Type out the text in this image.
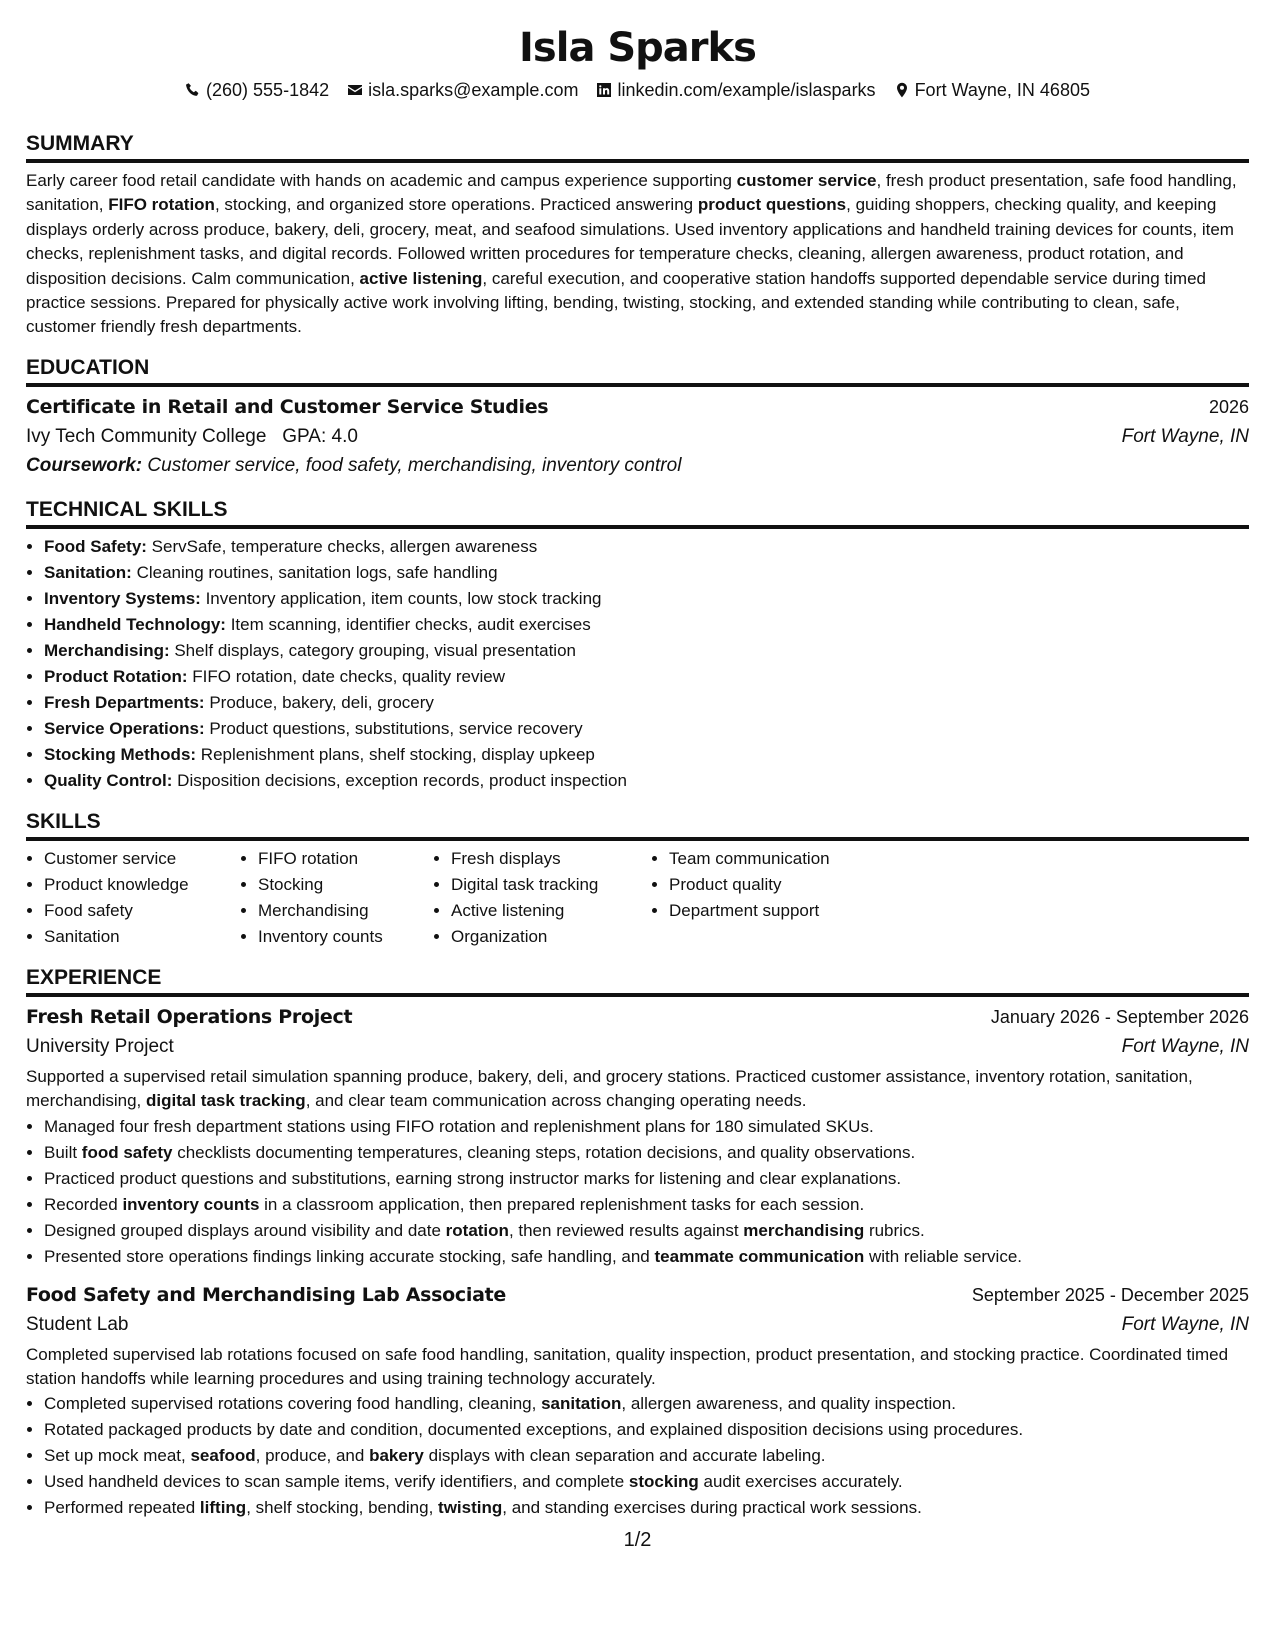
Isla Sparks
(260) 555-1842 isla.sparks@example.com linkedin.com/example/islasparks Fort Wayne, IN 46805
SUMMARY

Early career food retail candidate with hands on academic and campus experience supporting customer service, fresh product presentation, safe food handling, sanitation, FIFO rotation, stocking, and organized store operations. Practiced answering product questions, guiding shoppers, checking quality, and keeping displays orderly across produce, bakery, deli, grocery, meat, and seafood simulations. Used inventory applications and handheld training devices for counts, item checks, replenishment tasks, and digital records. Followed written procedures for temperature checks, cleaning, allergen awareness, product rotation, and disposition decisions. Calm communication, active listening, careful execution, and cooperative station handoffs supported dependable service during timed practice sessions. Prepared for physically active work involving lifting, bending, twisting, stocking, and extended standing while contributing to clean, safe, customer friendly fresh departments.

EDUCATION
Certificate in Retail and Customer Service Studies	2026
Ivy Tech Community College GPA: 4.0	Fort Wayne, IN
Coursework: Customer service, food safety, merchandising, inventory control
TECHNICAL SKILLS
• Food Safety: ServSafe, temperature checks, allergen awareness
• Sanitation: Cleaning routines, sanitation logs, safe handling
• Inventory Systems: Inventory application, item counts, low stock tracking
• Handheld Technology: Item scanning, identifier checks, audit exercises
• Merchandising: Shelf displays, category grouping, visual presentation
• Product Rotation: FIFO rotation, date checks, quality review
• Fresh Departments: Produce, bakery, deli, grocery
• Service Operations: Product questions, substitutions, service recovery
• Stocking Methods: Replenishment plans, shelf stocking, display upkeep
• Quality Control: Disposition decisions, exception records, product inspection
SKILLS
• Customer service
• Product knowledge
• Food safety
• Sanitation
• FIFO rotation
• Stocking
• Merchandising
• Inventory counts
• Fresh displays
• Digital task tracking
• Active listening
• Organization
• Team communication
• Product quality
• Department support
EXPERIENCE
Fresh Retail Operations Project	January 2026 - September 2026
University Project	Fort Wayne, IN

Supported a supervised retail simulation spanning produce, bakery, deli, and grocery stations. Practiced customer assistance, inventory rotation, sanitation, merchandising, digital task tracking, and clear team communication across changing operating needs.

• Managed four fresh department stations using FIFO rotation and replenishment plans for 180 simulated SKUs.
• Built food safety checklists documenting temperatures, cleaning steps, rotation decisions, and quality observations.
• Practiced product questions and substitutions, earning strong instructor marks for listening and clear explanations.
• Recorded inventory counts in a classroom application, then prepared replenishment tasks for each session.
• Designed grouped displays around visibility and date rotation, then reviewed results against merchandising rubrics.
• Presented store operations findings linking accurate stocking, safe handling, and teammate communication with reliable service.
Food Safety and Merchandising Lab Associate	September 2025 - December 2025
Student Lab	Fort Wayne, IN

Completed supervised lab rotations focused on safe food handling, sanitation, quality inspection, product presentation, and stocking practice. Coordinated timed station handoffs while learning procedures and using training technology accurately.

• Completed supervised rotations covering food handling, cleaning, sanitation, allergen awareness, and quality inspection.
• Rotated packaged products by date and condition, documented exceptions, and explained disposition decisions using procedures.
• Set up mock meat, seafood, produce, and bakery displays with clean separation and accurate labeling.
• Used handheld devices to scan sample items, verify identifiers, and complete stocking audit exercises accurately.
• Performed repeated lifting, shelf stocking, bending, twisting, and standing exercises during practical work sessions.
1/2
